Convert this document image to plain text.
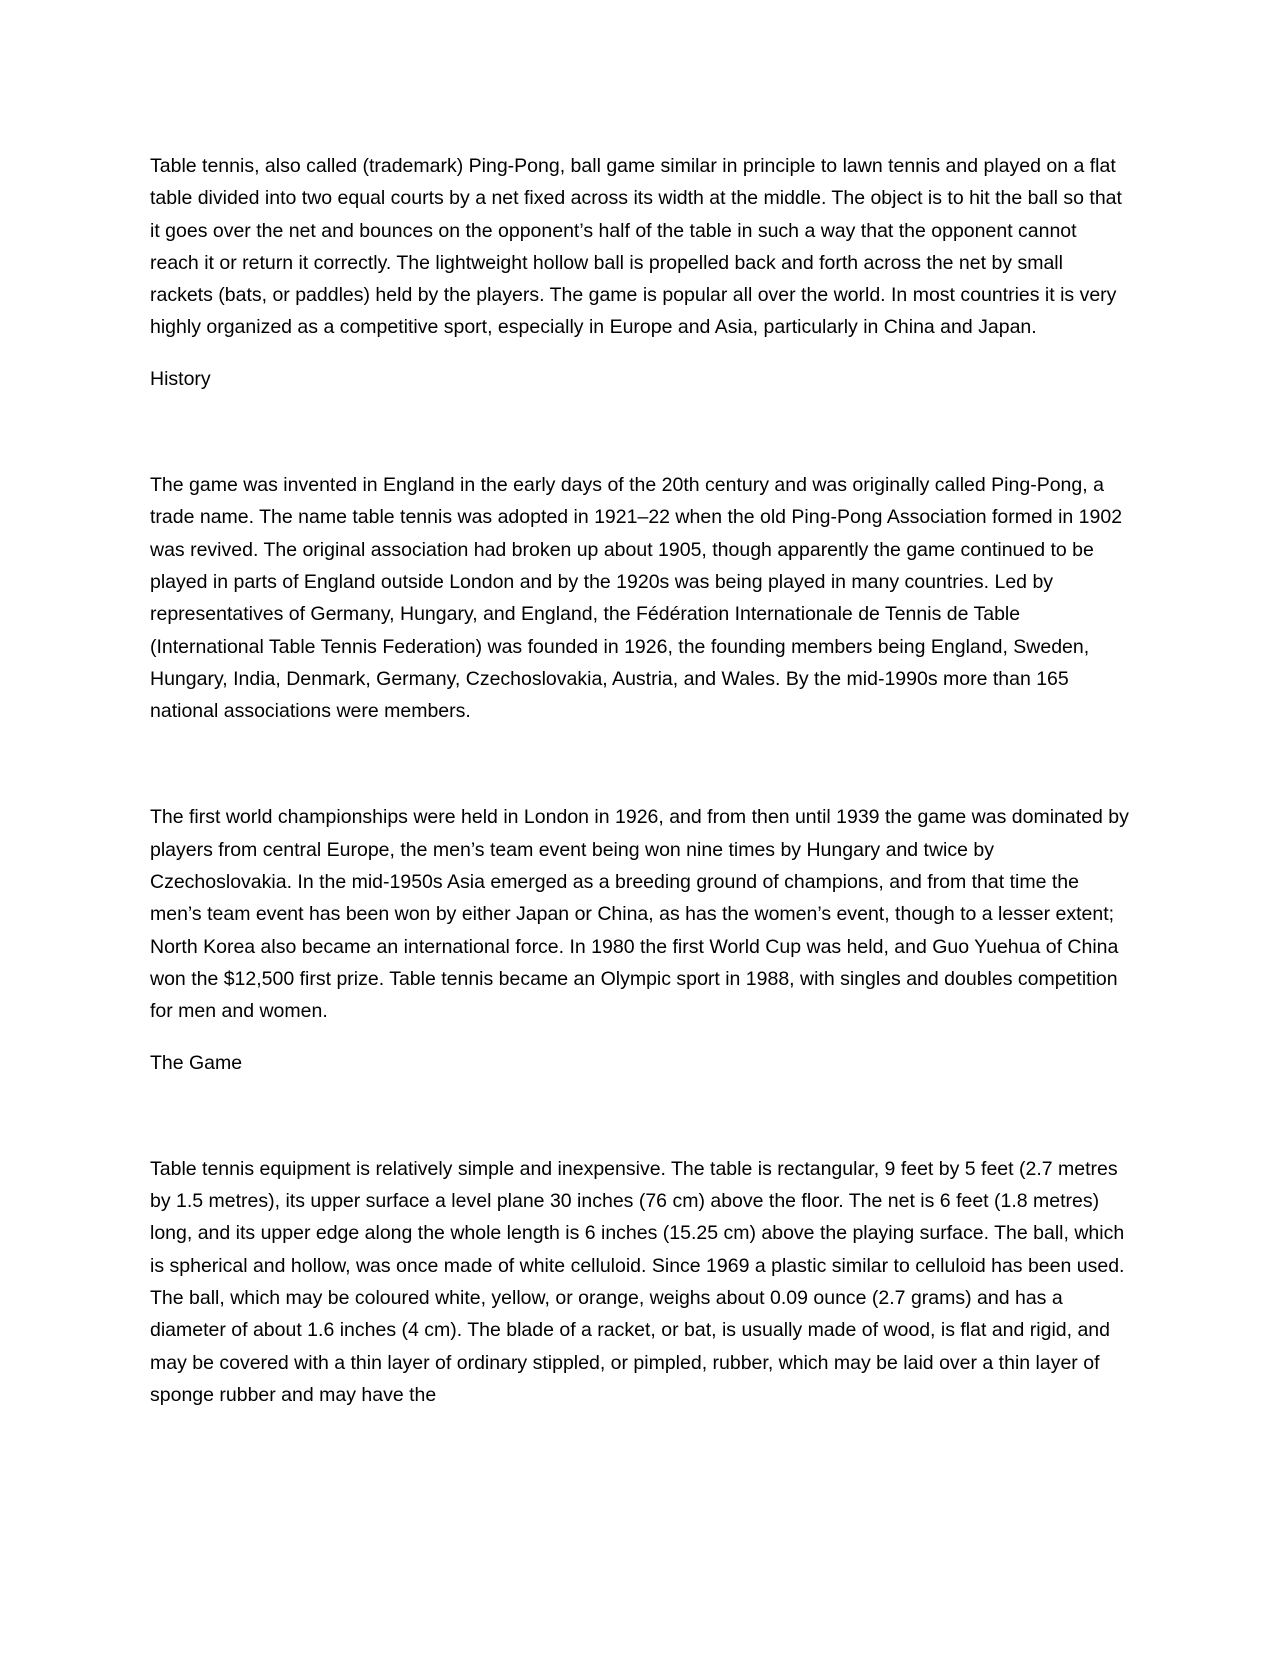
Table tennis, also called (trademark) Ping-Pong, ball game similar in principle to lawn tennis and played on a flat table divided into two equal courts by a net fixed across its width at the middle. The object is to hit the ball so that it goes over the net and bounces on the opponent’s half of the table in such a way that the opponent cannot reach it or return it correctly. The lightweight hollow ball is propelled back and forth across the net by small rackets (bats, or paddles) held by the players. The game is popular all over the world. In most countries it is very highly organized as a competitive sport, especially in Europe and Asia, particularly in China and Japan.

History

The game was invented in England in the early days of the 20th century and was originally called Ping-Pong, a trade name. The name table tennis was adopted in 1921–22 when the old Ping-Pong Association formed in 1902 was revived. The original association had broken up about 1905, though apparently the game continued to be played in parts of England outside London and by the 1920s was being played in many countries. Led by representatives of Germany, Hungary, and England, the Fédération Internationale de Tennis de Table (International Table Tennis Federation) was founded in 1926, the founding members being England, Sweden, Hungary, India, Denmark, Germany, Czechoslovakia, Austria, and Wales. By the mid-1990s more than 165 national associations were members.

The first world championships were held in London in 1926, and from then until 1939 the game was dominated by players from central Europe, the men’s team event being won nine times by Hungary and twice by Czechoslovakia. In the mid-1950s Asia emerged as a breeding ground of champions, and from that time the men’s team event has been won by either Japan or China, as has the women’s event, though to a lesser extent; North Korea also became an international force. In 1980 the first World Cup was held, and Guo Yuehua of China won the $12,500 first prize. Table tennis became an Olympic sport in 1988, with singles and doubles competition for men and women.

The Game

Table tennis equipment is relatively simple and inexpensive. The table is rectangular, 9 feet by 5 feet (2.7 metres by 1.5 metres), its upper surface a level plane 30 inches (76 cm) above the floor. The net is 6 feet (1.8 metres) long, and its upper edge along the whole length is 6 inches (15.25 cm) above the playing surface. The ball, which is spherical and hollow, was once made of white celluloid. Since 1969 a plastic similar to celluloid has been used. The ball, which may be coloured white, yellow, or orange, weighs about 0.09 ounce (2.7 grams) and has a diameter of about 1.6 inches (4 cm). The blade of a racket, or bat, is usually made of wood, is flat and rigid, and may be covered with a thin layer of ordinary stippled, or pimpled, rubber, which may be laid over a thin layer of sponge rubber and may have the
